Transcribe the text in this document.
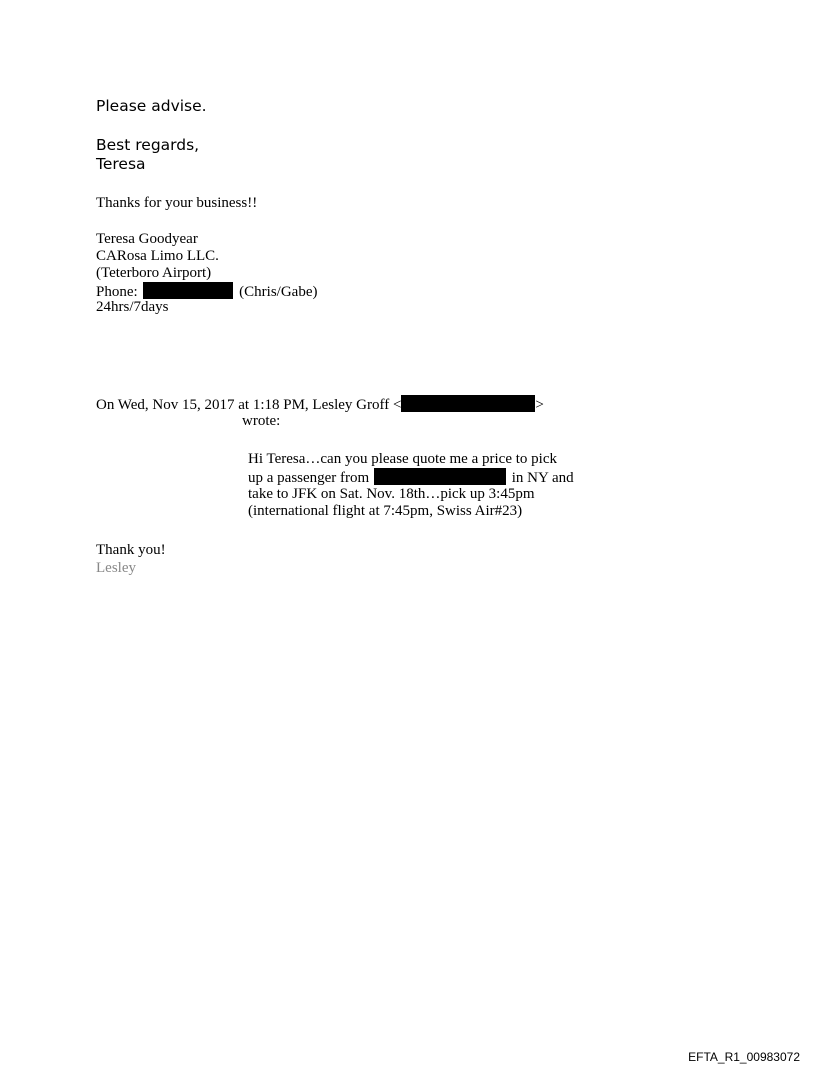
Please advise.
Best regards,
Teresa
Thanks for your business!!
Teresa Goodyear
CARosa Limo LLC.
(Teterboro Airport)
Phone:	(Chris/Gabe)
24hrs/7days
On Wed, Nov 15, 2017 at 1:18 PM, Lesley Groff <	>
wrote:
Hi Teresa…can you please quote me a price to pick
up a passenger from	in NY and
take to JFK on Sat. Nov. 18th…pick up 3:45pm
(international flight at 7:45pm, Swiss Air#23)
Thank you!
Lesley
EFTA_R1_00983072
